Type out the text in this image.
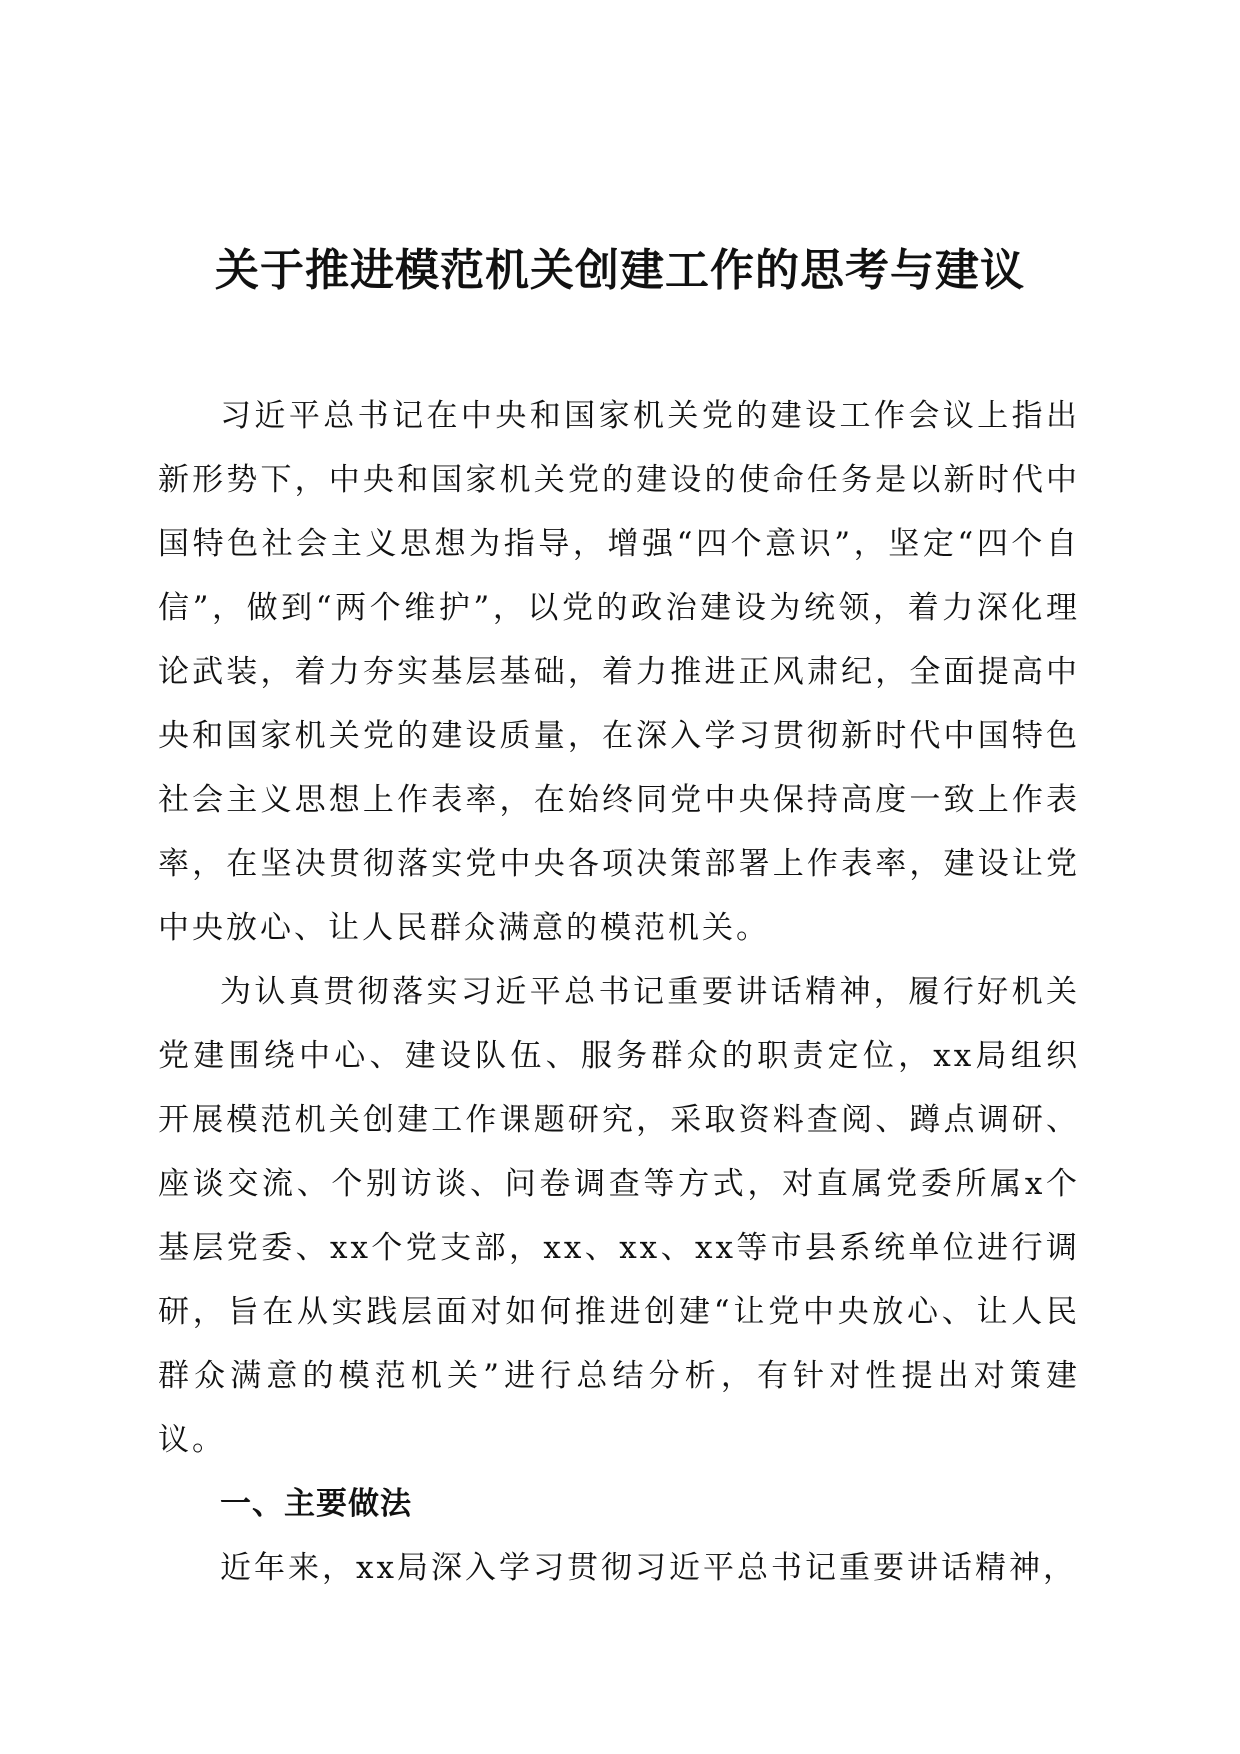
关于推进模范机关创建工作的思考与建议

习近平总书记在中央和国家机关党的建设工作会议上指出新形势下，中央和国家机关党的建设的使命任务是以新时代中国特色社会主义思想为指导，增强“四个意识”，坚定“四个自信”，做到“两个维护”，以党的政治建设为统领，着力深化理论武装，着力夯实基层基础，着力推进正风肃纪，全面提高中央和国家机关党的建设质量，在深入学习贯彻新时代中国特色社会主义思想上作表率，在始终同党中央保持高度一致上作表率，在坚决贯彻落实党中央各项决策部署上作表率，建设让党中央放心、让人民群众满意的模范机关。

为认真贯彻落实习近平总书记重要讲话精神，履行好机关党建围绕中心、建设队伍、服务群众的职责定位，xx局组织开展模范机关创建工作课题研究，采取资料查阅、蹲点调研、座谈交流、个别访谈、问卷调查等方式，对直属党委所属x个基层党委、xx个党支部，xx、xx、xx等市县系统单位进行调研，旨在从实践层面对如何推进创建“让党中央放心、让人民群众满意的模范机关”进行总结分析，有针对性提出对策建议。

一、主要做法

近年来，xx局深入学习贯彻习近平总书记重要讲话精神，
